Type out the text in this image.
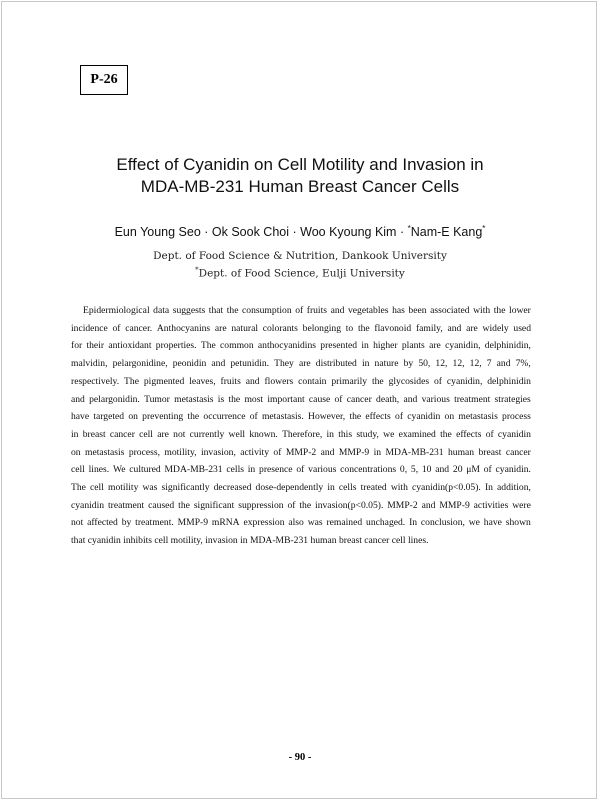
P-26
Effect of Cyanidin on Cell Motility and Invasion in
MDA-MB-231 Human Breast Cancer Cells
Eun Young Seo · Ok Sook Choi · Woo Kyoung Kim · *Nam-E Kang*
Dept. of Food Science & Nutrition, Dankook University
*Dept. of Food Science, Eulji University
Epidermiological data suggests that the consumption of fruits and vegetables has been associated with the lower
incidence of cancer. Anthocyanins are natural colorants belonging to the flavonoid family, and are widely used
for their antioxidant properties. The common anthocyanidins presented in higher plants are cyanidin, delphinidin,
malvidin, pelargonidine, peonidin and petunidin. They are distributed in nature by 50, 12, 12, 12, 7 and 7%,
respectively. The pigmented leaves, fruits and flowers contain primarily the glycosides of cyanidin, delphinidin
and pelargonidin. Tumor metastasis is the most important cause of cancer death, and various treatment strategies
have targeted on preventing the occurrence of metastasis. However, the effects of cyanidin on metastasis process
in breast cancer cell are not currently well known. Therefore, in this study, we examined the effects of cyanidin
on metastasis process, motility, invasion, activity of MMP-2 and MMP-9 in MDA-MB-231 human breast cancer
cell lines. We cultured MDA-MB-231 cells in presence of various concentrations 0, 5, 10 and 20 μM of cyanidin.
The cell motility was significantly decreased dose-dependently in cells treated with cyanidin(p<0.05). In addition,
cyanidin treatment caused the significant suppression of the invasion(p<0.05). MMP-2 and MMP-9 activities were
not affected by treatment. MMP-9 mRNA expression also was remained unchaged. In conclusion, we have shown
that cyanidin inhibits cell motility, invasion in MDA-MB-231 human breast cancer cell lines.
- 90 -
